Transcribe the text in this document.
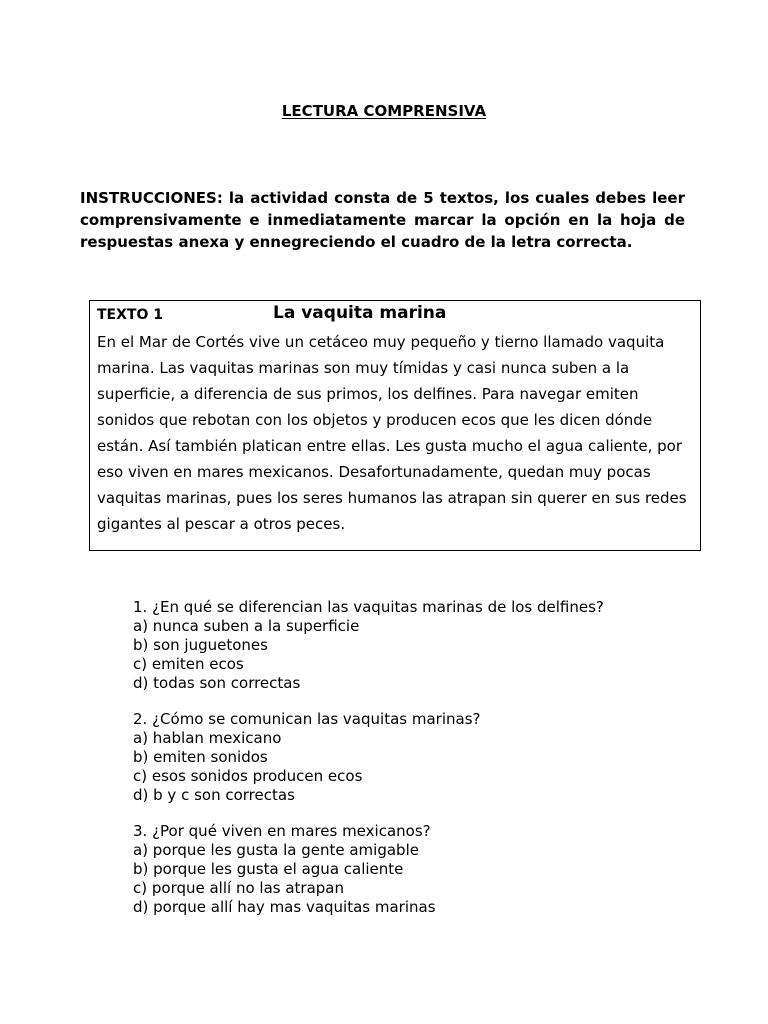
LECTURA COMPRENSIVA
INSTRUCCIONES: la actividad consta de 5 textos, los cuales debes leer comprensivamente e inmediatamente marcar la opción en la hoja de respuestas anexa y ennegreciendo el cuadro de la letra correcta.
TEXTO 1	La vaquita marina

En el Mar de Cortés vive un cetáceo muy pequeño y tierno llamado vaquita marina. Las vaquitas marinas son muy tímidas y casi nunca suben a la superficie, a diferencia de sus primos, los delfines. Para navegar emiten sonidos que rebotan con los objetos y producen ecos que les dicen dónde están. Así también platican entre ellas. Les gusta mucho el agua caliente, por eso viven en mares mexicanos. Desafortunadamente, quedan muy pocas vaquitas marinas, pues los seres humanos las atrapan sin querer en sus redes gigantes al pescar a otros peces.

1. ¿En qué se diferencian las vaquitas marinas de los delfines?
a) nunca suben a la superficie
b) son juguetones
c) emiten ecos
d) todas son correctas
2. ¿Cómo se comunican las vaquitas marinas?
a) hablan mexicano
b) emiten sonidos
c) esos sonidos producen ecos
d) b y c son correctas
3. ¿Por qué viven en mares mexicanos?
a) porque les gusta la gente amigable
b) porque les gusta el agua caliente
c) porque allí no las atrapan
d) porque allí hay mas vaquitas marinas
